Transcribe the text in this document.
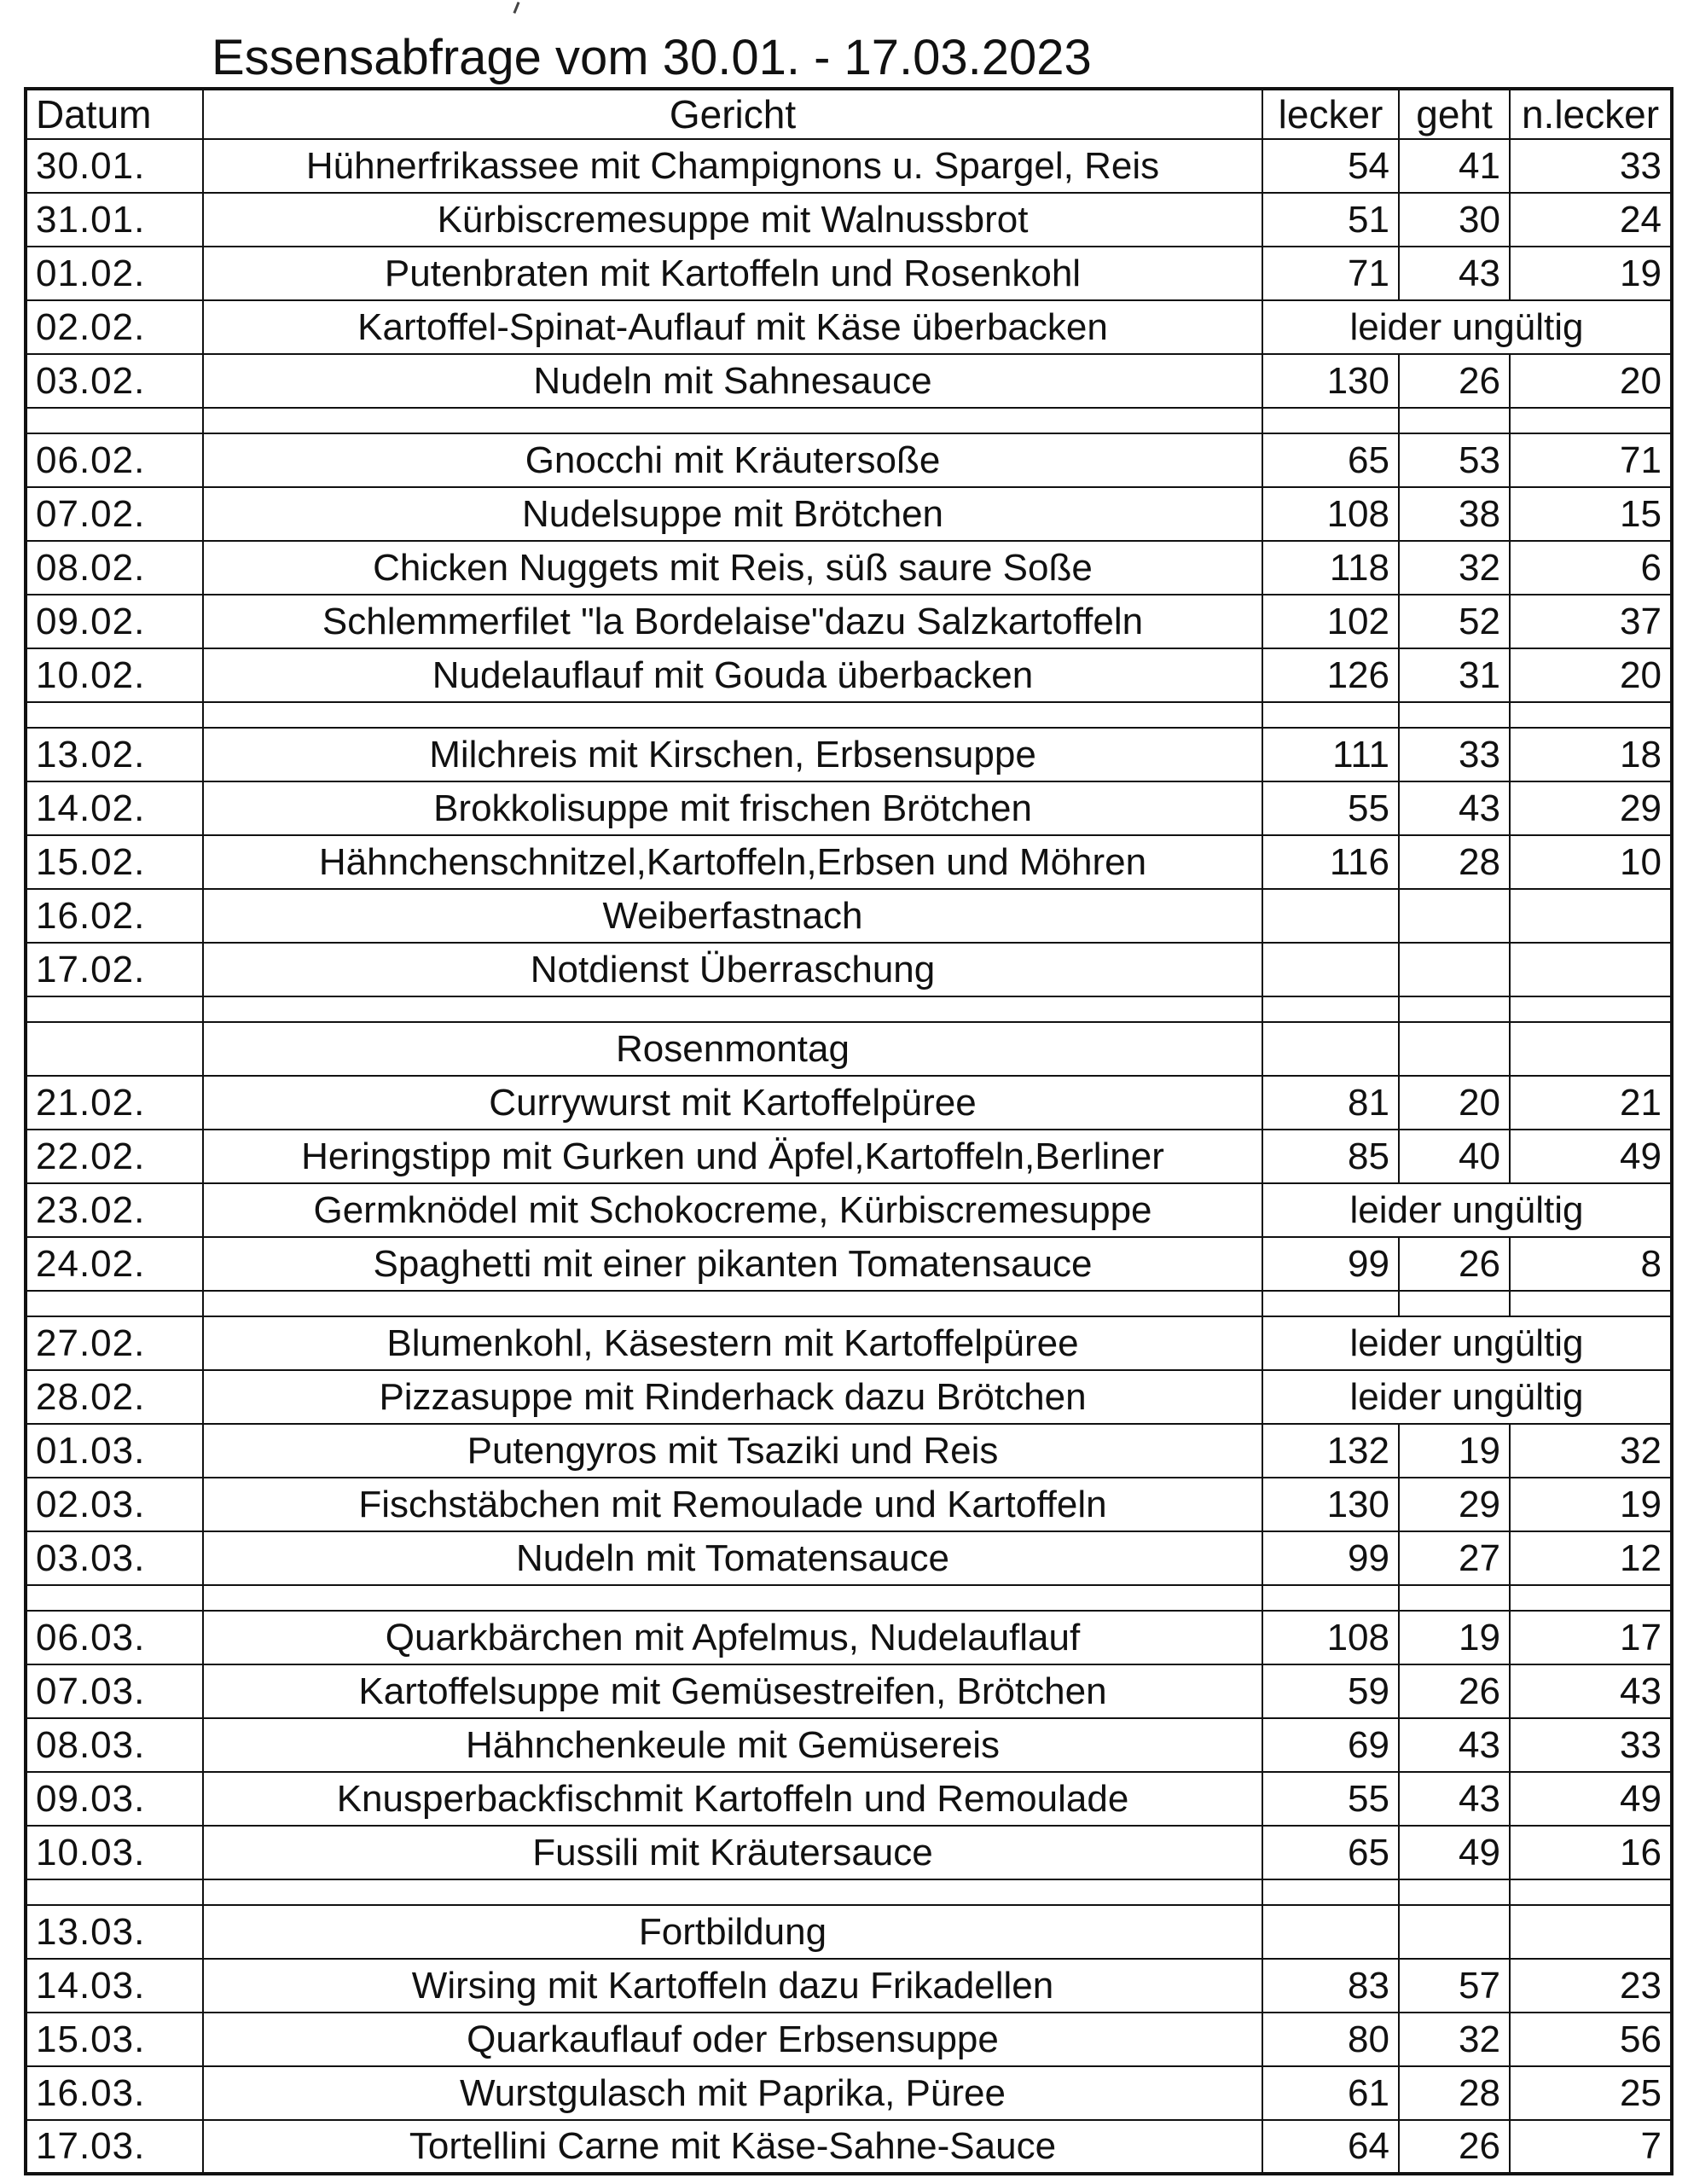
Essensabfrage vom 30.01. - 17.03.2023
Datum	Gericht	lecker	geht	n.lecker
30.01.	Hühnerfrikassee mit Champignons u. Spargel, Reis	54	41	33
31.01.	Kürbiscremesuppe mit Walnussbrot	51	30	24
01.02.	Putenbraten mit Kartoffeln und Rosenkohl	71	43	19
02.02.	Kartoffel-Spinat-Auflauf mit Käse überbacken	leider ungültig		
03.02.	Nudeln mit Sahnesauce	130	26	20

06.02.	Gnocchi mit Kräutersoße	65	53	71
07.02.	Nudelsuppe mit Brötchen	108	38	15
08.02.	Chicken Nuggets mit Reis, süß saure Soße	118	32	6
09.02.	Schlemmerfilet "la Bordelaise"dazu Salzkartoffeln	102	52	37
10.02.	Nudelauflauf mit Gouda überbacken	126	31	20

13.02.	Milchreis mit Kirschen, Erbsensuppe	111	33	18
14.02.	Brokkolisuppe mit frischen Brötchen	55	43	29
15.02.	Hähnchenschnitzel,Kartoffeln,Erbsen und Möhren	116	28	10
16.02.	Weiberfastnach			
17.02.	Notdienst Überraschung			

	Rosenmontag			
21.02.	Currywurst mit Kartoffelpüree	81	20	21
22.02.	Heringstipp mit Gurken und Äpfel,Kartoffeln,Berliner	85	40	49
23.02.	Germknödel mit Schokocreme, Kürbiscremesuppe	leider ungültig		
24.02.	Spaghetti mit einer pikanten Tomatensauce	99	26	8

27.02.	Blumenkohl, Käsestern mit Kartoffelpüree	leider ungültig		
28.02.	Pizzasuppe mit Rinderhack dazu Brötchen	leider ungültig		
01.03.	Putengyros mit Tsaziki und Reis	132	19	32
02.03.	Fischstäbchen mit Remoulade und Kartoffeln	130	29	19
03.03.	Nudeln mit Tomatensauce	99	27	12

06.03.	Quarkbärchen mit Apfelmus, Nudelauflauf	108	19	17
07.03.	Kartoffelsuppe mit Gemüsestreifen, Brötchen	59	26	43
08.03.	Hähnchenkeule mit Gemüsereis	69	43	33
09.03.	Knusperbackfischmit Kartoffeln und Remoulade	55	43	49
10.03.	Fussili mit Kräutersauce	65	49	16

13.03.	Fortbildung			
14.03.	Wirsing mit Kartoffeln dazu Frikadellen	83	57	23
15.03.	Quarkauflauf oder Erbsensuppe	80	32	56
16.03.	Wurstgulasch mit Paprika, Püree	61	28	25
17.03.	Tortellini Carne mit Käse-Sahne-Sauce	64	26	7
